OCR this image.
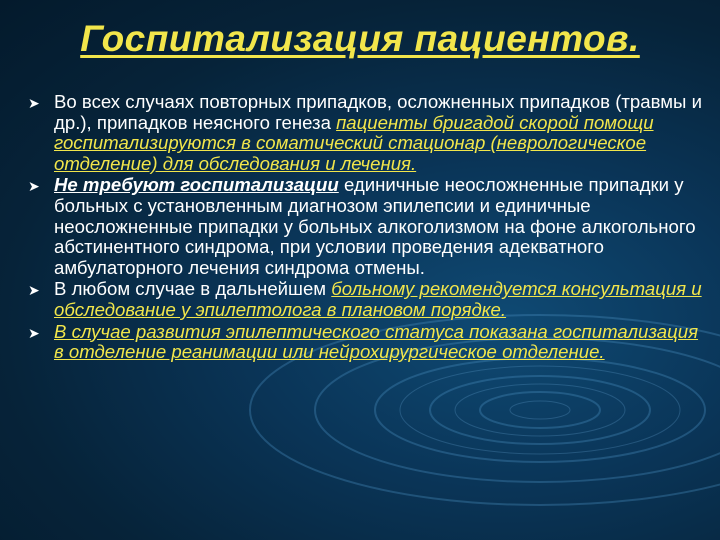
Госпитализация пациентов.
➤ Во всех случаях повторных припадков, осложненных припадков (травмы и др.), припадков неясного генеза пациенты бригадой скорой помощи госпитализируются в соматический стационар (неврологическое отделение) для обследования и лечения.
➤ Не требуют госпитализации единичные неосложненные припадки у больных с установленным диагнозом эпилепсии и единичные неосложненные припадки у больных алкоголизмом на фоне алкогольного абстинентного синдрома, при условии проведения адекватного амбулаторного лечения синдрома отмены.
➤ В любом случае в дальнейшем больному рекомендуется консультация и обследование у эпилептолога в плановом порядке.
➤ В случае развития эпилептического статуса показана госпитализация в отделение реанимации или нейрохирургическое отделение.
